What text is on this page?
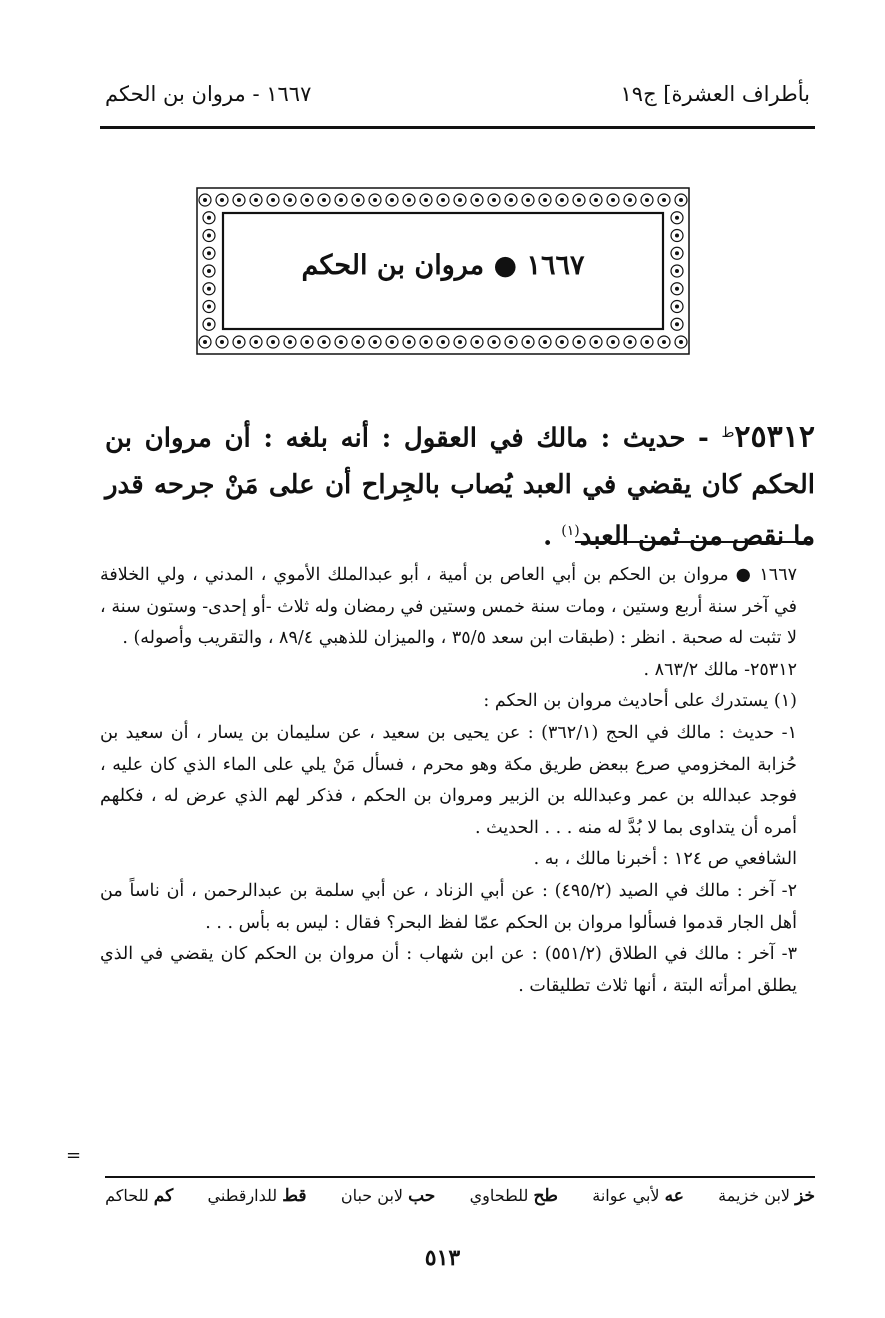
بأطراف العشرة] ج١٩
١٦٦٧ - مروان بن الحكم
١٦٦٧ ● مروان بن الحكم
$٢٥٣١٢^ط$ - حديث : مالك في العقول : أنه بلغه : أن مروان بن الحكم كان يقضي في العبد يُصاب بالجِراح أن على مَنْ جرحه قدر ما نقص من ثمن العبد$^{(١)}$ .

١٦٦٧ ● مروان بن الحكم بن أبي العاص بن أمية ، أبو عبدالملك الأموي ، المدني ، ولي الخلافة في آخر سنة أربع وستين ، ومات سنة خمس وستين في رمضان وله ثلاث -أو إحدى- وستون سنة ، لا تثبت له صحبة . انظر : (طبقات ابن سعد ٣٥/٥ ، والميزان للذهبي ٨٩/٤ ، والتقريب وأصوله) .

٢٥٣١٢- مالك ٨٦٣/٢ .

(١) يستدرك على أحاديث مروان بن الحكم :

١- حديث : مالك في الحج (٣٦٢/١) : عن يحيى بن سعيد ، عن سليمان بن يسار ، أن سعيد بن حُزابة المخزومي صرع ببعض طريق مكة وهو محرم ، فسأل مَنْ يلي على الماء الذي كان عليه ، فوجد عبدالله بن عمر وعبدالله بن الزبير ومروان بن الحكم ، فذكر لهم الذي عرض له ، فكلهم أمره أن يتداوى بما لا بُدَّ له منه . . . الحديث .

الشافعي ص ١٢٤ : أخبرنا مالك ، به .

٢- آخر : مالك في الصيد (٤٩٥/٢) : عن أبي الزناد ، عن أبي سلمة بن عبدالرحمن ، أن ناساً من أهل الجار قدموا فسألوا مروان بن الحكم عمّا لفظ البحر؟ فقال : ليس به بأس . . .

٣- آخر : مالك في الطلاق (٥٥١/٢) : عن ابن شهاب : أن مروان بن الحكم كان يقضي في الذي يطلق امرأته البتة ، أنها ثلاث تطليقات .

=
خز لابن خزيمة
عه لأبي عوانة
طح للطحاوي
حب لابن حبان
قط للدارقطني
كم للحاكم
٥١٣
